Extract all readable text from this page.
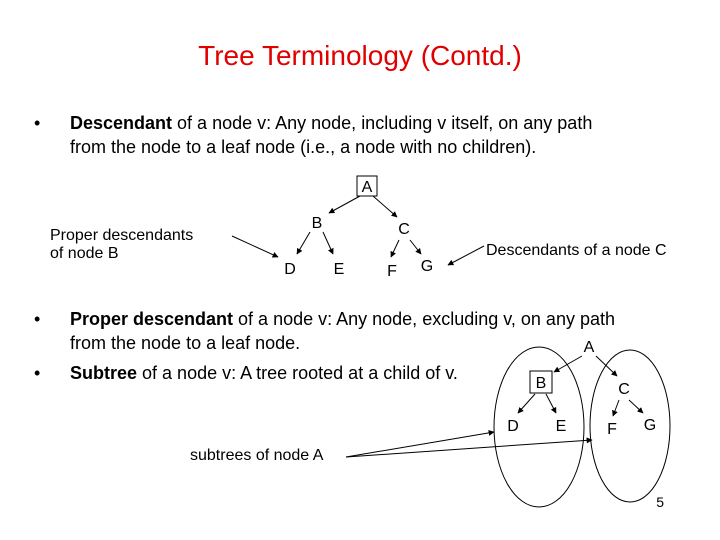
Tree Terminology (Contd.)
• Descendant of a node v: Any node, including v itself, on any path
from the node to a leaf node (i.e., a node with no children).
• Proper descendant of a node v: Any node, excluding v, on any path
from the node to a leaf node.
• Subtree of a node v: A tree rooted at a child of v.
Proper descendants
of node B	Descendants of a node C
subtrees of node A
5
A
B	C
D E	F G
A
B	C
D E	F G
